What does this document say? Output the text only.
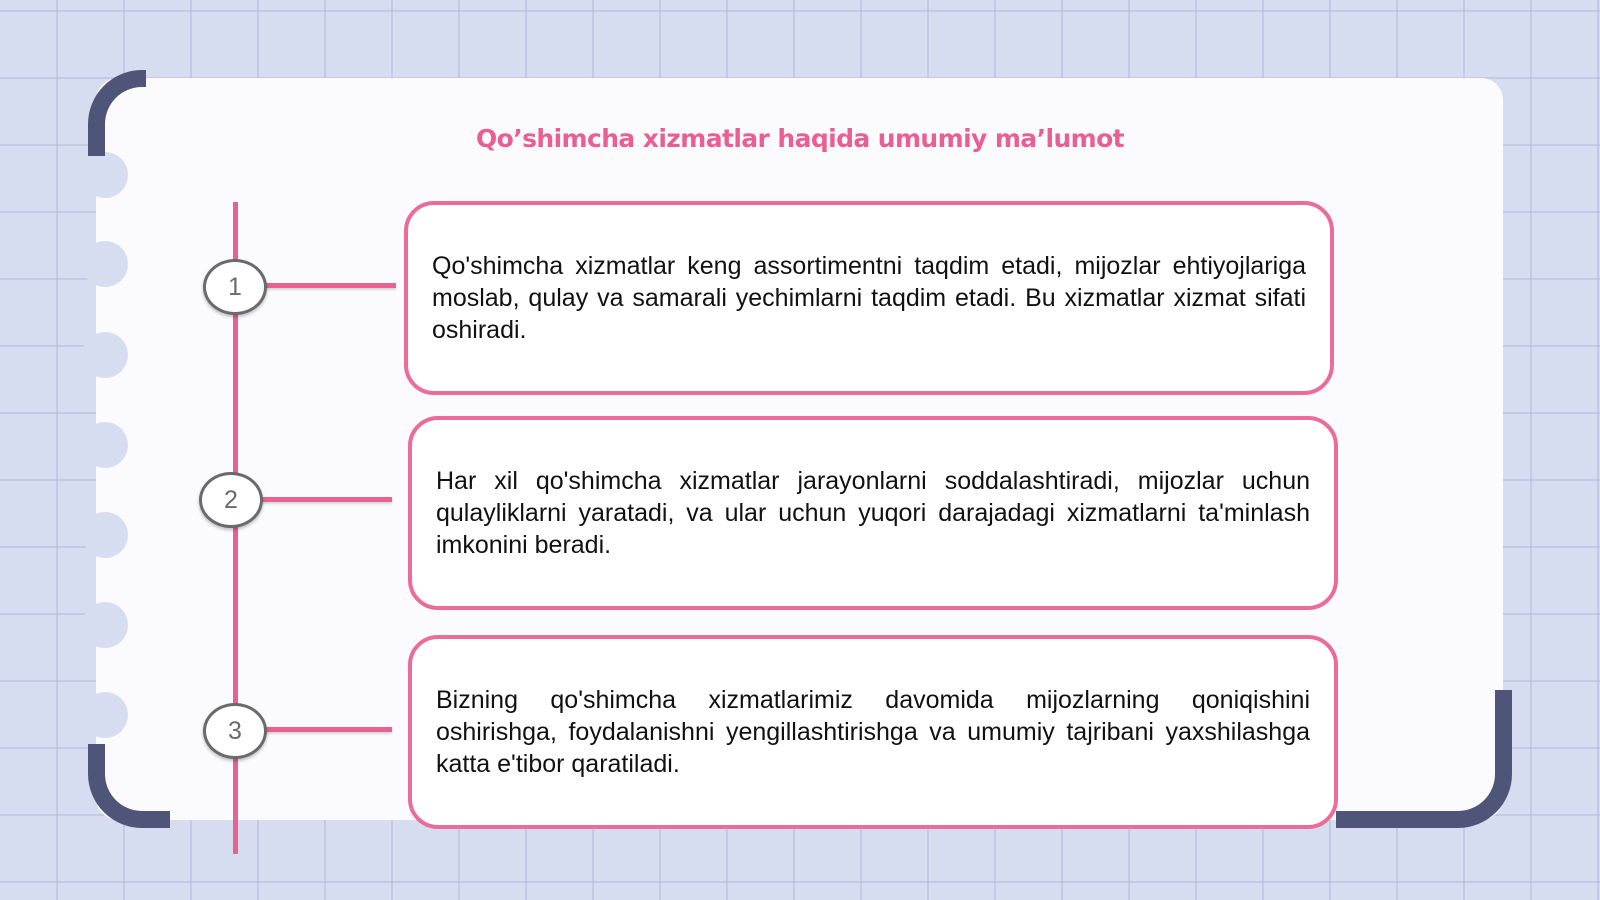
Qo’shimcha xizmatlar haqida umumiy ma’lumot
1
2
3

Qo'shimcha xizmatlar keng assortimentni taqdim etadi, mijozlar ehtiyojlariga moslab, qulay va samarali yechimlarni taqdim etadi. Bu xizmatlar xizmat sifati oshiradi.

Har xil qo'shimcha xizmatlar jarayonlarni soddalashtiradi, mijozlar uchun qulayliklarni yaratadi, va ular uchun yuqori darajadagi xizmatlarni ta'minlash imkonini beradi.

Bizning qo'shimcha xizmatlarimiz davomida mijozlarning qoniqishini oshirishga, foydalanishni yengillashtirishga va umumiy tajribani yaxshilashga katta e'tibor qaratiladi.
